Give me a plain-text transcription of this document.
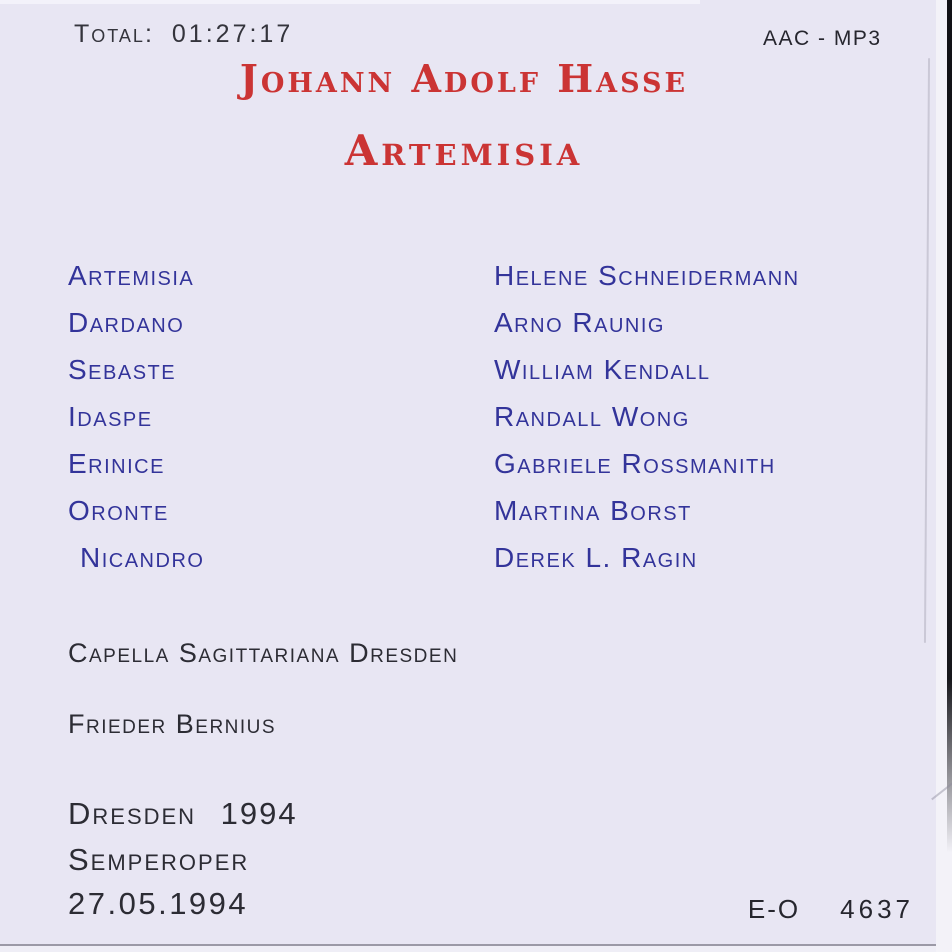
Total: 01:27:17	AAC - MP3
Johann Adolf Hasse
Artemisia
Artemisia	Helene Schneidermann
Dardano	Arno Raunig
Sebaste	William Kendall
Idaspe	Randall Wong
Erinice	Gabriele Rossmanith
Oronte	Martina Borst
Nicandro	Derek L. Ragin
Capella Sagittariana Dresden
Frieder Bernius
Dresden 1994
Semperoper
27.05.1994	E-O 4637
